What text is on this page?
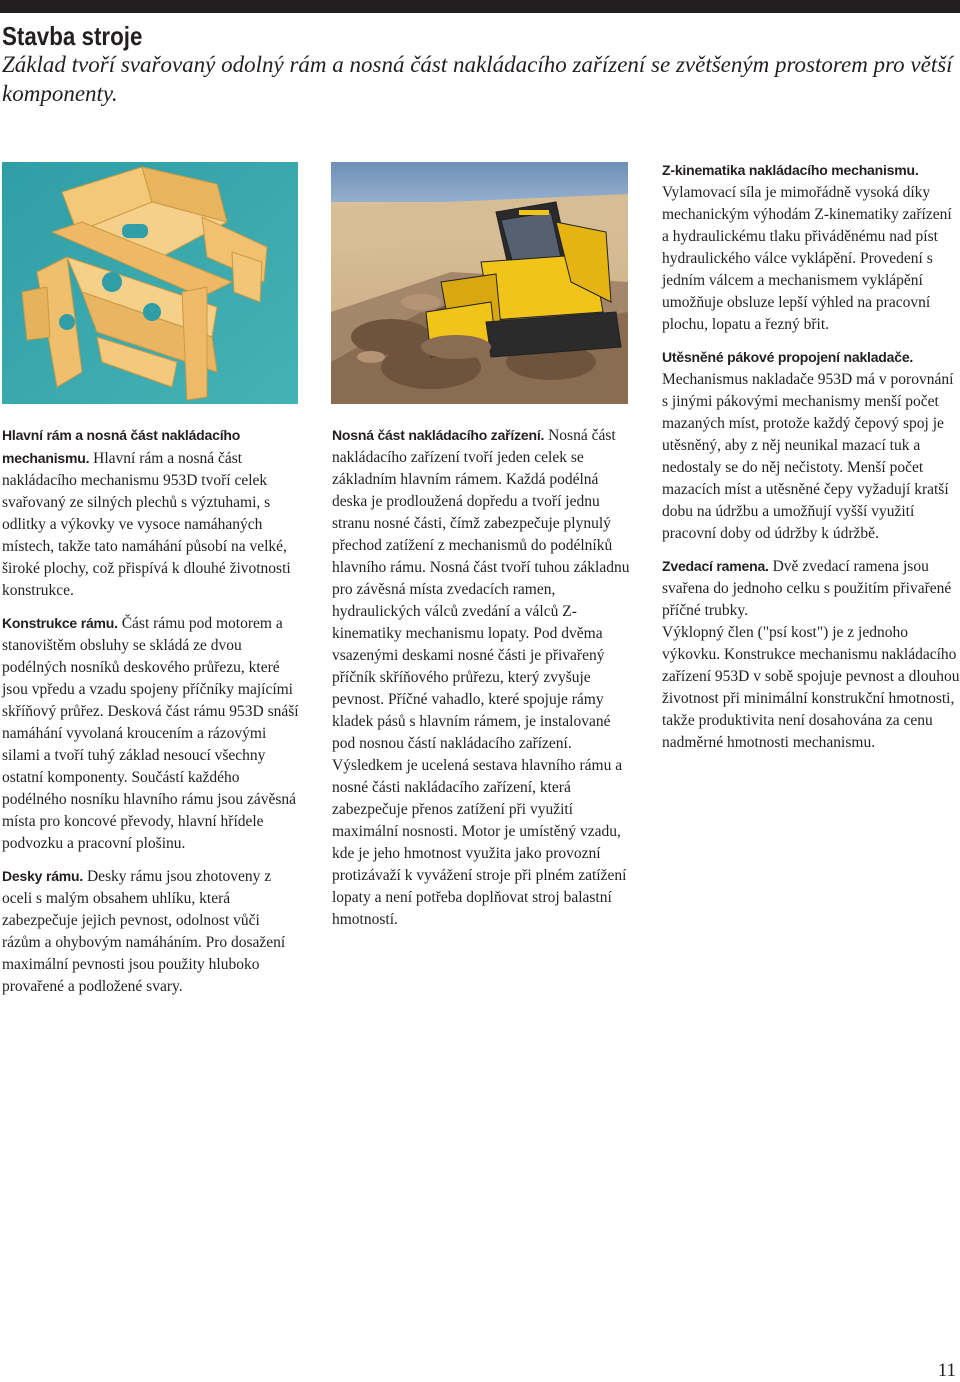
Stavba stroje

Základ tvoří svařovaný odolný rám a nosná část nakládacího zařízení se zvětšeným prostorem pro větší komponenty.

Hlavní rám a nosná část nakládacího mechanismu. Hlavní rám a nosná část nakládacího mechanismu 953D tvoří celek svařovaný ze silných plechů s výztuhami, s odlitky a výkovky ve vysoce namáhaných místech, takže tato namáhání působí na velké, široké plochy, což přispívá k dlouhé životnosti konstrukce.

Konstrukce rámu. Část rámu pod motorem a stanovištěm obsluhy se skládá ze dvou podélných nosníků deskového průřezu, které jsou vpředu a vzadu spojeny příčníky majícími skříňový průřez. Desková část rámu 953D snáší namáhání vyvolaná kroucením a rázovými silami a tvoří tuhý základ nesoucí všechny ostatní komponenty. Součástí každého podélného nosníku hlavního rámu jsou závěsná místa pro koncové převody, hlavní hřídele podvozku a pracovní plošinu.

Desky rámu. Desky rámu jsou zhotoveny z oceli s malým obsahem uhlíku, která zabezpečuje jejich pevnost, odolnost vůči rázům a ohybovým namáháním. Pro dosažení maximální pevnosti jsou použity hluboko provařené a podložené svary.

Nosná část nakládacího zařízení. Nosná část nakládacího zařízení tvoří jeden celek se základním hlavním rámem. Každá podélná deska je prodloužená dopředu a tvoří jednu stranu nosné části, čímž zabezpečuje plynulý přechod zatížení z mechanismů do podélníků hlavního rámu. Nosná část tvoří tuhou základnu pro závěsná místa zvedacích ramen, hydraulických válců zvedání a válců Z-kinematiky mechanismu lopaty. Pod dvěma vsazenými deskami nosné části je přivařený příčník skříňového průřezu, který zvyšuje pevnost. Příčné vahadlo, které spojuje rámy kladek pásů s hlavním rámem, je instalované pod nosnou částí nakládacího zařízení. Výsledkem je ucelená sestava hlavního rámu a nosné části nakládacího zařízení, která zabezpečuje přenos zatížení při využití maximální nosnosti. Motor je umístěný vzadu, kde je jeho hmotnost využita jako provozní protizávaží k vyvážení stroje při plném zatížení lopaty a není potřeba doplňovat stroj balastní hmotností.

Z-kinematika nakládacího mechanismu. Vylamovací síla je mimořádně vysoká díky mechanickým výhodám Z-kinematiky zařízení a hydraulickému tlaku přiváděnému nad píst hydraulického válce vyklápění. Provedení s jedním válcem a mechanismem vyklápění umožňuje obsluze lepší výhled na pracovní plochu, lopatu a řezný břit.

Utěsněné pákové propojení nakladače. Mechanismus nakladače 953D má v porovnání s jinými pákovými mechanismy menší počet mazaných míst, protože každý čepový spoj je utěsněný, aby z něj neunikal mazací tuk a nedostaly se do něj nečistoty. Menší počet mazacích míst a utěsněné čepy vyžadují kratší dobu na údržbu a umožňují vyšší využití pracovní doby od údržby k údržbě.

Zvedací ramena. Dvě zvedací ramena jsou svařena do jednoho celku s použitím přivařené příčné trubky.

Výklopný člen ("psí kost") je z jednoho výkovku. Konstrukce mechanismu nakládacího zařízení 953D v sobě spojuje pevnost a dlouhou životnost při minimální konstrukční hmotnosti, takže produktivita není dosahována za cenu nadměrné hmotnosti mechanismu.

11
